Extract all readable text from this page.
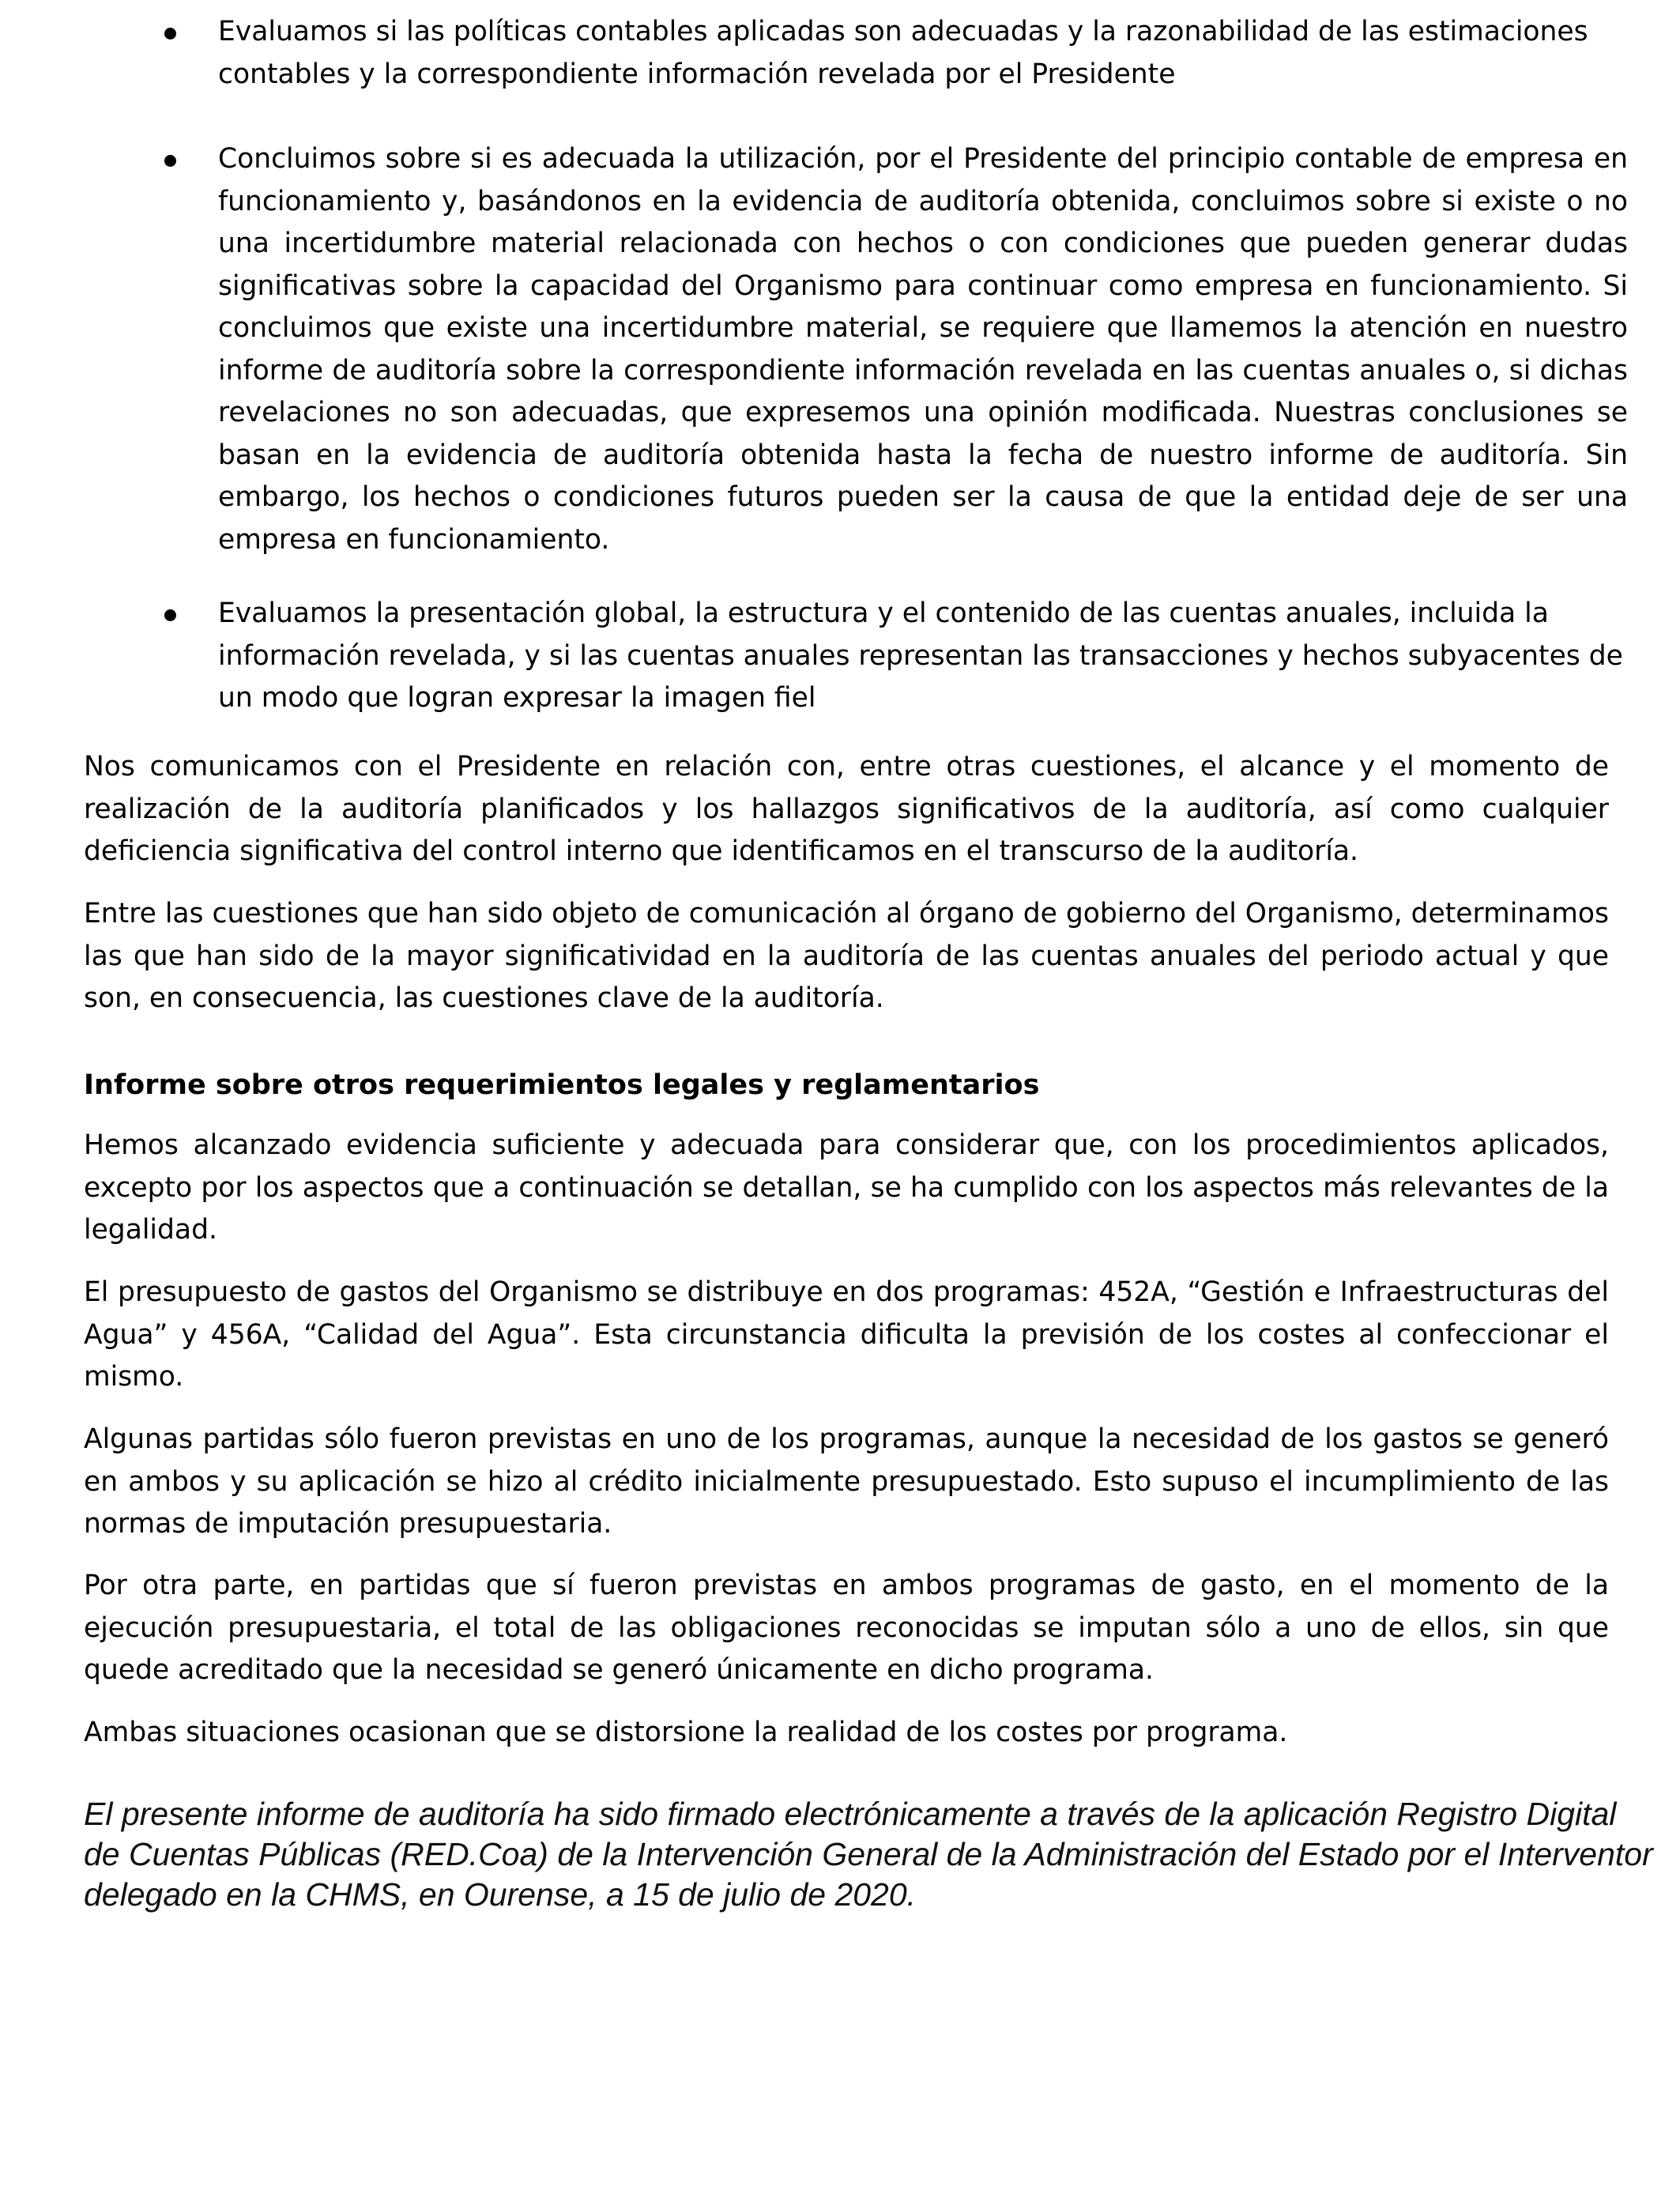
Evaluamos si las políticas contables aplicadas son adecuadas y la razonabilidad de las estimaciones contables y la correspondiente información revelada por el Presidente

Concluimos sobre si es adecuada la utilización, por el Presidente del principio contable de empresa en funcionamiento y, basándonos en la evidencia de auditoría obtenida, concluimos sobre si existe o no una incertidumbre material relacionada con hechos o con condiciones que pueden generar dudas significativas sobre la capacidad del Organismo para continuar como empresa en funcionamiento. Si concluimos que existe una incertidumbre material, se requiere que llamemos la atención en nuestro informe de auditoría sobre la correspondiente información revelada en las cuentas anuales o, si dichas revelaciones no son adecuadas, que expresemos una opinión modificada. Nuestras conclusiones se basan en la evidencia de auditoría obtenida hasta la fecha de nuestro informe de auditoría. Sin embargo, los hechos o condiciones futuros pueden ser la causa de que la entidad deje de ser una empresa en funcionamiento.

Evaluamos la presentación global, la estructura y el contenido de las cuentas anuales, incluida la información revelada, y si las cuentas anuales representan las transacciones y hechos subyacentes de un modo que logran expresar la imagen fiel

Nos comunicamos con el Presidente en relación con, entre otras cuestiones, el alcance y el momento de realización de la auditoría planificados y los hallazgos significativos de la auditoría, así como cualquier deficiencia significativa del control interno que identificamos en el transcurso de la auditoría.

Entre las cuestiones que han sido objeto de comunicación al órgano de gobierno del Organismo, determinamos las que han sido de la mayor significatividad en la auditoría de las cuentas anuales del periodo actual y que son, en consecuencia, las cuestiones clave de la auditoría.

Informe sobre otros requerimientos legales y reglamentarios

Hemos alcanzado evidencia suficiente y adecuada para considerar que, con los procedimientos aplicados, excepto por los aspectos que a continuación se detallan, se ha cumplido con los aspectos más relevantes de la legalidad.

El presupuesto de gastos del Organismo se distribuye en dos programas: 452A, “Gestión e Infraestructuras del Agua” y 456A, “Calidad del Agua”. Esta circunstancia dificulta la previsión de los costes al confeccionar el mismo.

Algunas partidas sólo fueron previstas en uno de los programas, aunque la necesidad de los gastos se generó en ambos y su aplicación se hizo al crédito inicialmente presupuestado. Esto supuso el incumplimiento de las normas de imputación presupuestaria.

Por otra parte, en partidas que sí fueron previstas en ambos programas de gasto, en el momento de la ejecución presupuestaria, el total de las obligaciones reconocidas se imputan sólo a uno de ellos, sin que quede acreditado que la necesidad se generó únicamente en dicho programa.

Ambas situaciones ocasionan que se distorsione la realidad de los costes por programa.

El presente informe de auditoría ha sido firmado electrónicamente a través de la aplicación Registro Digital de Cuentas Públicas (RED.Coa) de la Intervención General de la Administración del Estado por el Interventor delegado en la CHMS, en Ourense, a 15 de julio de 2020.
